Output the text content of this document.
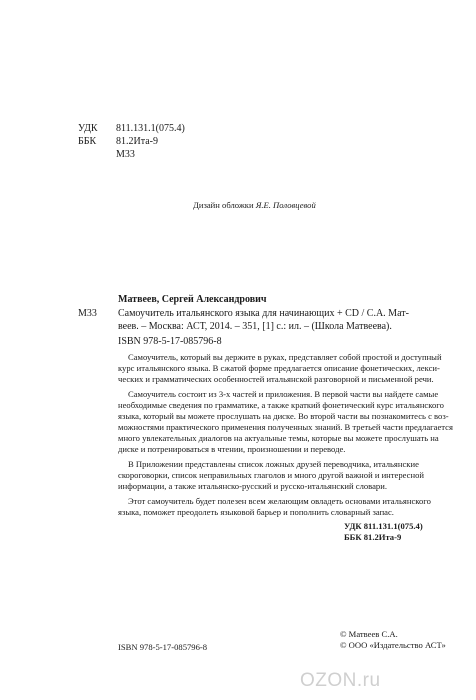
УДК 811.131.1(075.4)
ББК 81.2Ита-9
М33
Дизайн обложки Я.Е. Половцевой
Матвеев, Сергей Александрович
М33 Самоучитель итальянского языка для начинающих + CD / С.А. Мат-
веев. – Москва: АСТ, 2014. – 351, [1] с.: ил. – (Школа Матвеева).
ISBN 978-5-17-085796-8
Самоучитель, который вы держите в руках, представляет собой простой и доступный
курс итальянского языка. В сжатой форме предлагается описание фонетических, лекси-
ческих и грамматических особенностей итальянской разговорной и письменной речи.
Самоучитель состоит из 3-х частей и приложения. В первой части вы найдете самые
необходимые сведения по грамматике, а также краткий фонетический курс итальянского
языка, который вы можете прослушать на диске. Во второй части вы познакомитесь с воз-
можностями практического применения полученных знаний. В третьей части предлагается
много увлекательных диалогов на актуальные темы, которые вы можете прослушать на
диске и потренироваться в чтении, произношении и переводе.
В Приложении представлены список ложных друзей переводчика, итальянские
скороговорки, список неправильных глаголов и много другой важной и интересной
информации, а также итальянско-русский и русско-итальянский словари.
Этот самоучитель будет полезен всем желающим овладеть основами итальянского
языка, поможет преодолеть языковой барьер и пополнить словарный запас.
УДК 811.131.1(075.4)
ББК 81.2Ита-9
© Матвеев С.А.
© ООО «Издательство АСТ»
ISBN 978-5-17-085796-8
OZON.ru
